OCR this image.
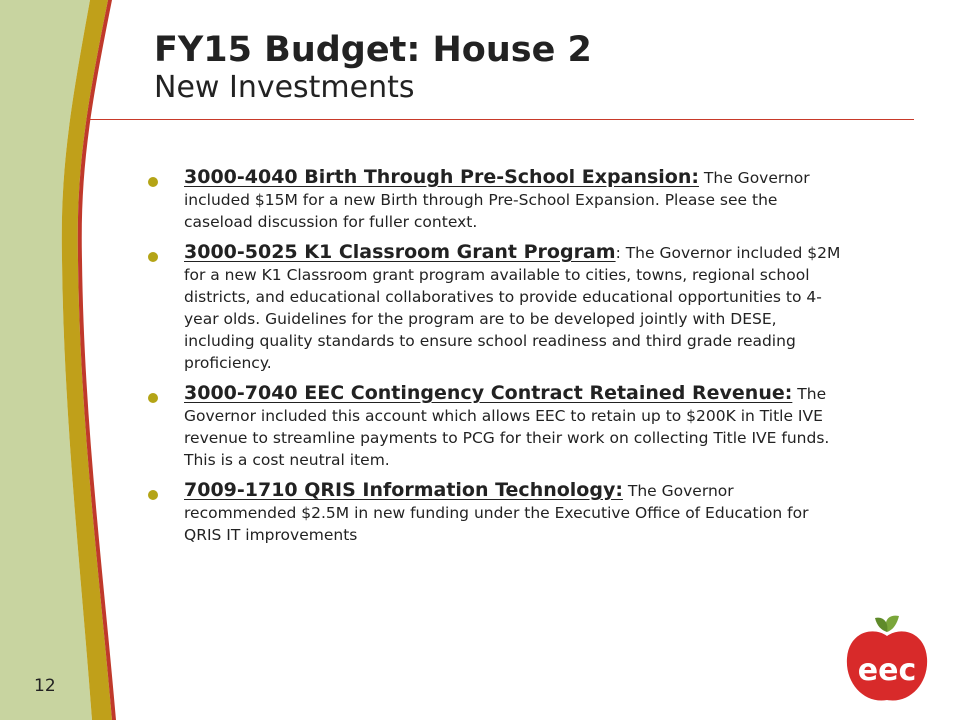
FY15 Budget: House 2
New Investments
3000-4040 Birth Through Pre-School Expansion: The Governor included $15M for a new Birth through Pre-School Expansion. Please see the caseload discussion for fuller context.
3000-5025 K1 Classroom Grant Program: The Governor included $2M for a new K1 Classroom grant program available to cities, towns, regional school districts, and educational collaboratives to provide educational opportunities to 4-year olds. Guidelines for the program are to be developed jointly with DESE, including quality standards to ensure school readiness and third grade reading proficiency.
3000-7040 EEC Contingency Contract Retained Revenue: The Governor included this account which allows EEC to retain up to $200K in Title IVE revenue to streamline payments to PCG for their work on collecting Title IVE funds. This is a cost neutral item.
7009-1710 QRIS Information Technology: The Governor recommended $2.5M in new funding under the Executive Office of Education for QRIS IT improvements
12	eec
